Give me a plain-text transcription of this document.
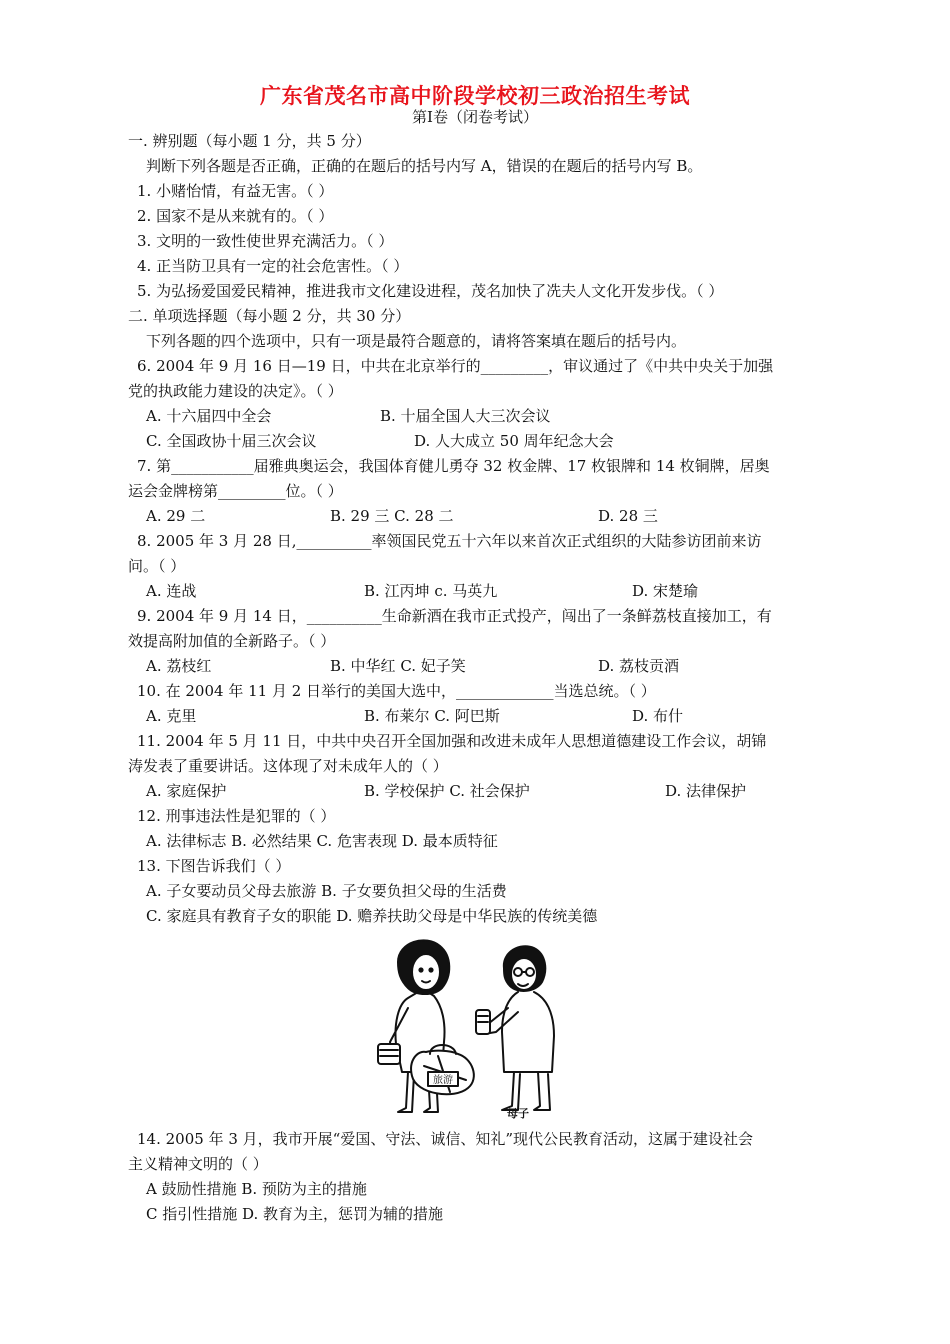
广东省茂名市高中阶段学校初三政治招生考试
第Ⅰ卷（闭卷考试）
一. 辨别题（每小题 1 分，共 5 分）
判断下列各题是否正确，正确的在题后的括号内写 A，错误的在题后的括号内写 B。
1. 小赌怡情，有益无害。（ ）
2. 国家不是从来就有的。（ ）
3. 文明的一致性使世界充满活力。（ ）
4. 正当防卫具有一定的社会危害性。（ ）
5. 为弘扬爱国爱民精神，推进我市文化建设进程，茂名加快了冼夫人文化开发步伐。（ ）
二. 单项选择题（每小题 2 分，共 30 分）
下列各题的四个选项中，只有一项是最符合题意的，请将答案填在题后的括号内。
6. 2004 年 9 月 16 日—19 日，中共在北京举行的_________，审议通过了《中共中央关于加强
党的执政能力建设的决定》。（ ）
A. 十六届四中全会	B. 十届全国人大三次会议
C. 全国政协十届三次会议	D. 人大成立 50 周年纪念大会
7. 第___________届雅典奥运会，我国体育健儿勇夺 32 枚金牌、17 枚银牌和 14 枚铜牌，居奥
运会金牌榜第_________位。（ ）
A. 29 二	B. 29 三 C. 28 二	D. 28 三
8. 2005 年 3 月 28 日,__________率领国民党五十六年以来首次正式组织的大陆参访团前来访
问。（ ）
A. 连战	B. 江丙坤 c. 马英九	D. 宋楚瑜
9. 2004 年 9 月 14 日，__________生命新酒在我市正式投产，闯出了一条鲜荔枝直接加工，有
效提高附加值的全新路子。（ ）
A. 荔枝红	B. 中华红 C. 妃子笑	D. 荔枝贡酒
10. 在 2004 年 11 月 2 日举行的美国大选中，_____________当选总统。（ ）
A. 克里	B. 布莱尔 C. 阿巴斯	D. 布什
11. 2004 年 5 月 11 日，中共中央召开全国加强和改进未成年人思想道德建设工作会议，胡锦
涛发表了重要讲话。这体现了对未成年人的（ ）
A. 家庭保护	B. 学校保护 C. 社会保护	D. 法律保护
12. 刑事违法性是犯罪的（ ）
A. 法律标志 B. 必然结果 C. 危害表现 D. 最本质特征
13. 下图告诉我们（ ）
A. 子女要动员父母去旅游 B. 子女要负担父母的生活费
C. 家庭具有教育子女的职能 D. 赡养扶助父母是中华民族的传统美德
旅游
母子
14. 2005 年 3 月，我市开展“爱国、守法、诚信、知礼”现代公民教育活动，这属于建设社会
主义精神文明的（ ）
A 鼓励性措施 B. 预防为主的措施
C 指引性措施 D. 教育为主，惩罚为辅的措施
